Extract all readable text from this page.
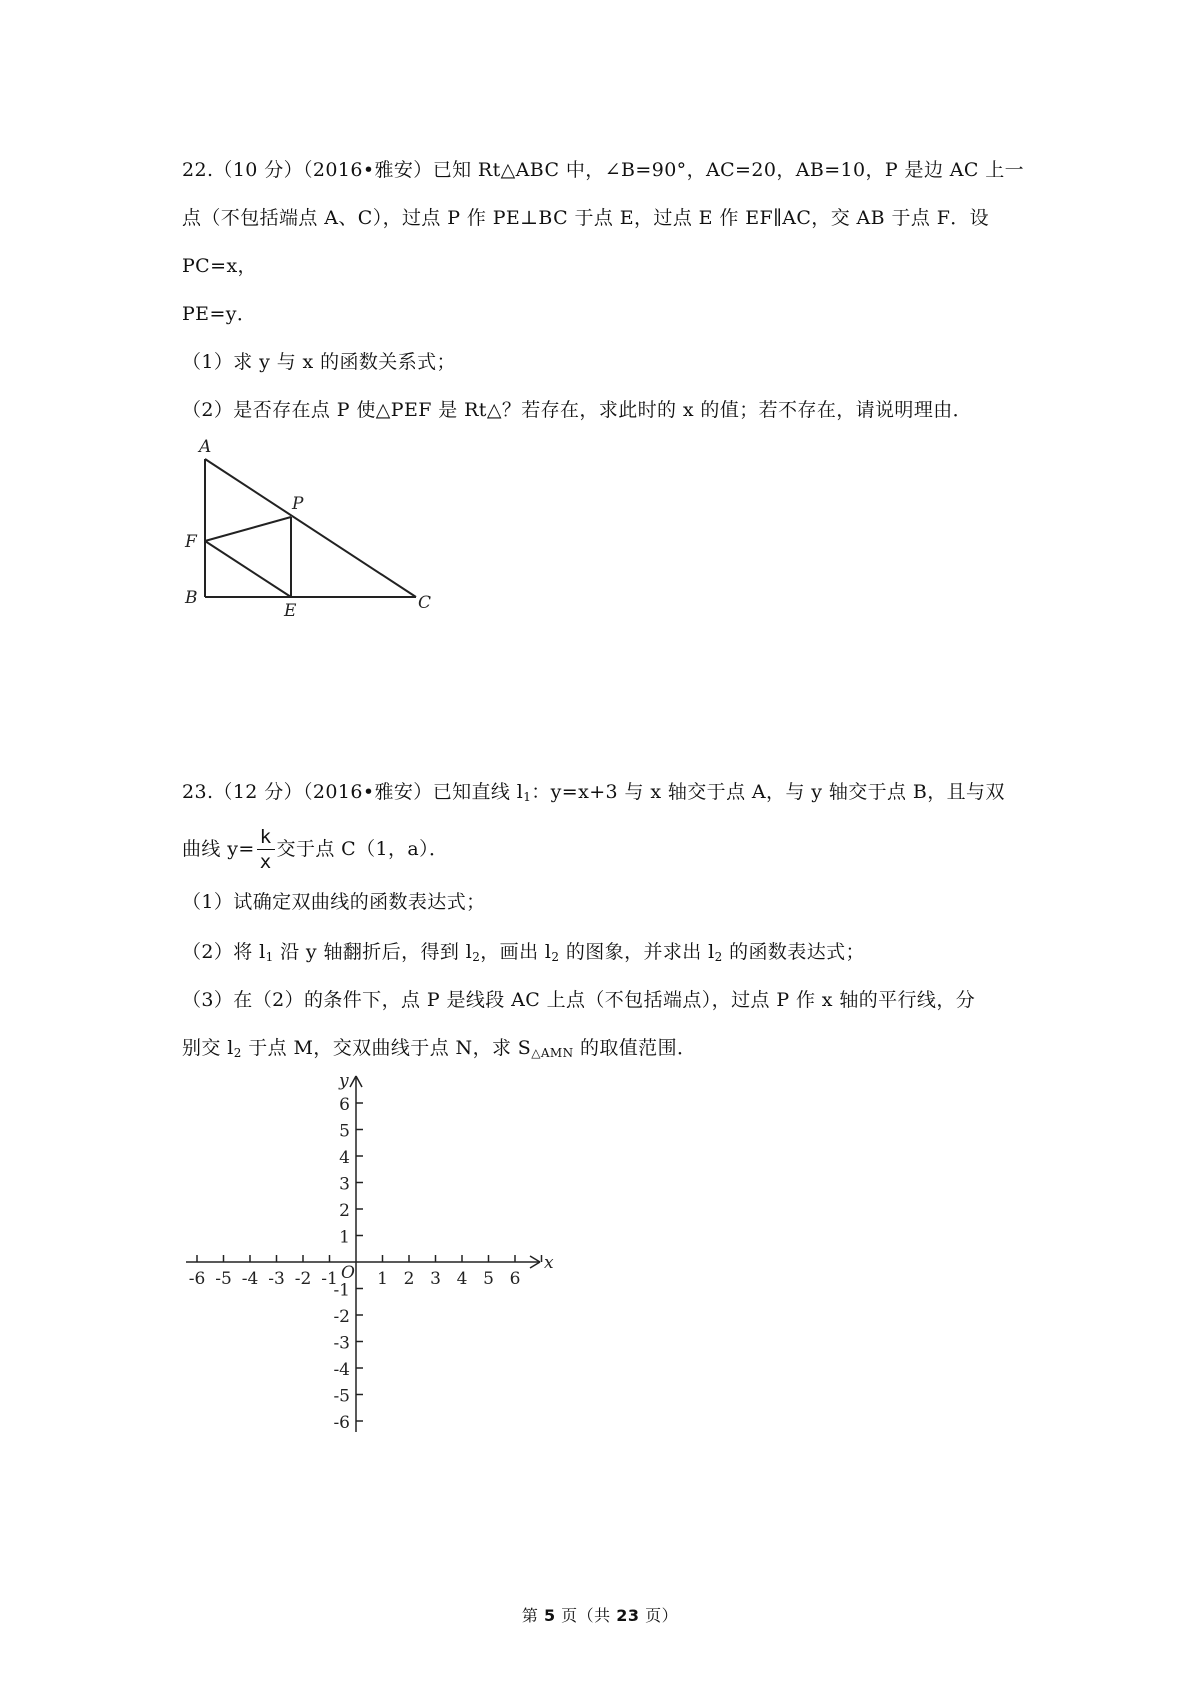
22.（10 分）（2016•雅安）已知 Rt△ABC 中，∠B=90°，AC=20，AB=10，P 是边 AC 上一
点（不包括端点 A、C），过点 P 作 PE⊥BC 于点 E，过点 E 作 EF∥AC，交 AB 于点 F．设
PC=x，
PE=y．
（1）求 y 与 x 的函数关系式；
（2）是否存在点 P 使△PEF 是 Rt△？若存在，求此时的 x 的值；若不存在，请说明理由．
A
B	C
E
F
P
23.（12 分）（2016•雅安）已知直线 $l_1$：y=x+3 与 x 轴交于点 A，与 y 轴交于点 B，且与双
曲线 $y= \frac{k}{x}$ 交于点 C（1，a）．
（1）试确定双曲线的函数表达式；
（2）将 $l_1$ 沿 y 轴翻折后，得到 $l_2$，画出 $l_2$ 的图象，并求出 $l_2$ 的函数表达式；
（3）在（2）的条件下，点 P 是线段 AC 上点（不包括端点），过点 P 作 x 轴的平行线，分
别交 $l_2$ 于点 M，交双曲线于点 N，求 $S_{\triangle AMN}$ 的取值范围．
-6 -5 -4 -3 -2 -1 1 2 3 4 5 6
6
5
4
3
2
1
-1
-2
-3
-4
-5
-6
x
y
O
第 5 页（共 23 页）
